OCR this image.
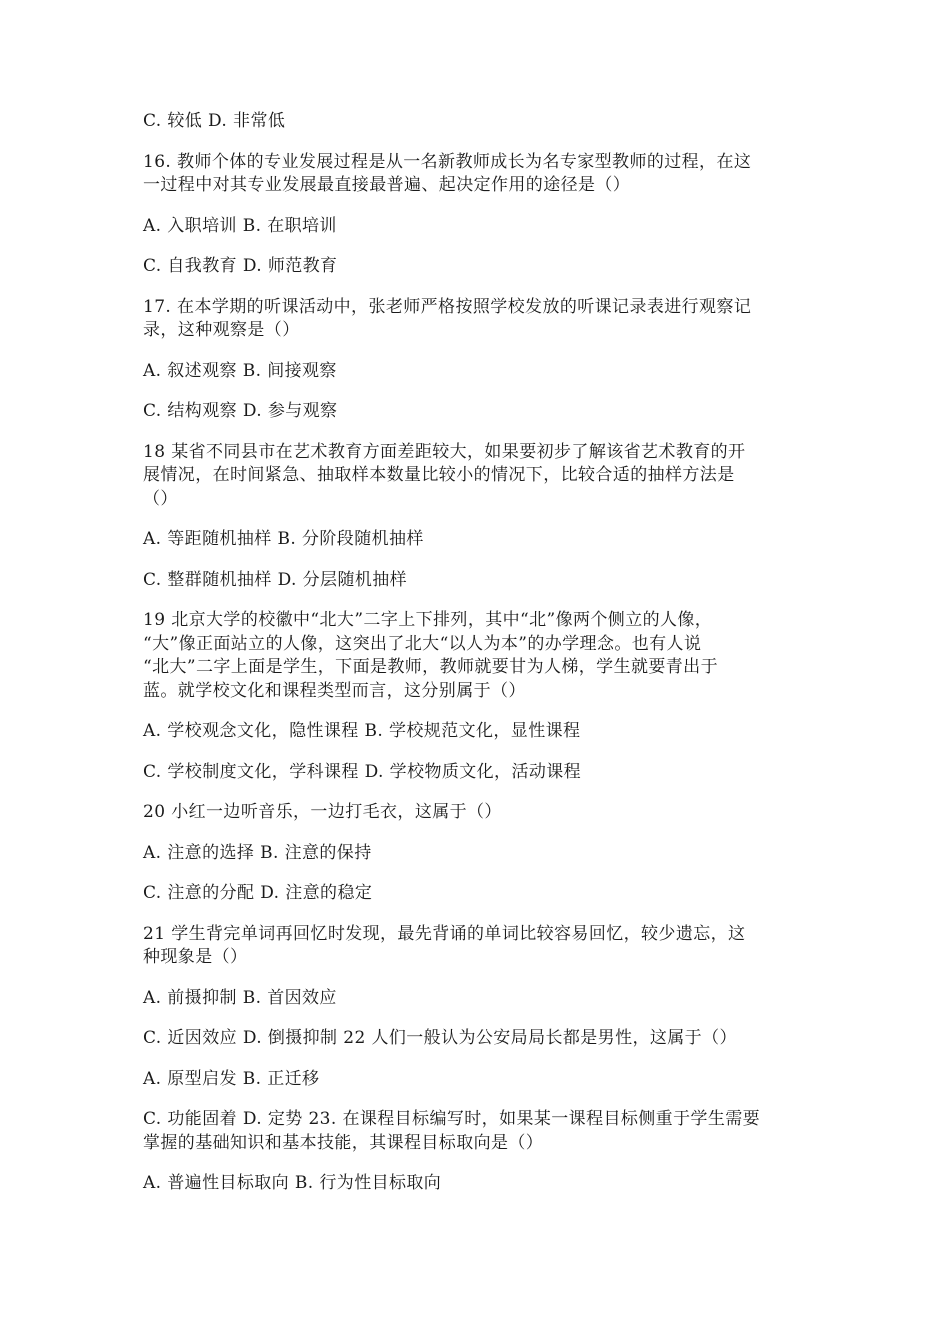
C. 较低 D. 非常低

16. 教师个体的专业发展过程是从一名新教师成长为名专家型教师的过程，在这
一过程中对其专业发展最直接最普遍、起决定作用的途径是（）

A. 入职培训 B. 在职培训

C. 自我教育 D. 师范教育

17. 在本学期的听课活动中，张老师严格按照学校发放的听课记录表进行观察记
录，这种观察是（）

A. 叙述观察 B. 间接观察

C. 结构观察 D. 参与观察

18 某省不同县市在艺术教育方面差距较大，如果要初步了解该省艺术教育的开
展情况，在时间紧急、抽取样本数量比较小的情况下，比较合适的抽样方法是
（）

A. 等距随机抽样 B. 分阶段随机抽样

C. 整群随机抽样 D. 分层随机抽样

19 北京大学的校徽中“北大”二字上下排列，其中“北”像两个侧立的人像，
“大”像正面站立的人像，这突出了北大“以人为本”的办学理念。也有人说
“北大”二字上面是学生，下面是教师，教师就要甘为人梯，学生就要青出于
蓝。就学校文化和课程类型而言，这分别属于（）

A. 学校观念文化，隐性课程 B. 学校规范文化，显性课程

C. 学校制度文化，学科课程 D. 学校物质文化，活动课程

20 小红一边听音乐，一边打毛衣，这属于（）

A. 注意的选择 B. 注意的保持

C. 注意的分配 D. 注意的稳定

21 学生背完单词再回忆时发现，最先背诵的单词比较容易回忆，较少遗忘，这
种现象是（）

A. 前摄抑制 B. 首因效应

C. 近因效应 D. 倒摄抑制 22 人们一般认为公安局局长都是男性，这属于（）

A. 原型启发 B. 正迁移

C. 功能固着 D. 定势 23. 在课程目标编写时，如果某一课程目标侧重于学生需要
掌握的基础知识和基本技能，其课程目标取向是（）

A. 普遍性目标取向 B. 行为性目标取向
